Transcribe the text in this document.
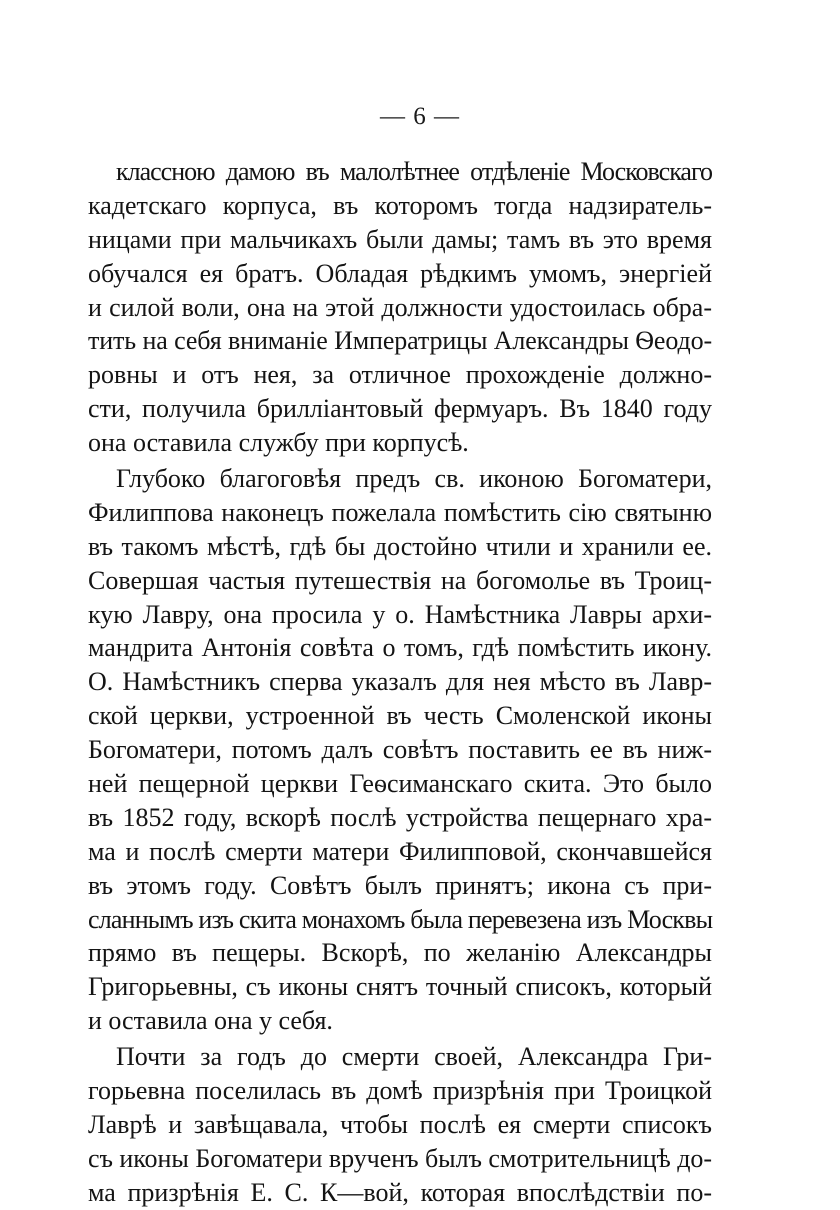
— 6 —
классною дамою въ малолѣтнее отдѣленіе Московскаго
кадетскаго корпуса, въ которомъ тогда надзиратель-
ницами при мальчикахъ были дамы; тамъ въ это время
обучался ея братъ. Обладая рѣдкимъ умомъ, энергіей
и силой воли, она на этой должности удостоилась обра-
тить на себя вниманіе Императрицы Александры Ѳеодо-
ровны и отъ нея, за отличное прохожденіе должно-
сти, получила бриллiантовый фермуаръ. Въ 1840 году
она оставила службу при корпусѣ.
Глубоко благоговѣя предъ св. иконою Богоматери,
Филиппова наконецъ пожелала помѣстить сію святыню
въ такомъ мѣстѣ, гдѣ бы достойно чтили и хранили ее.
Совершая частыя путешествія на богомолье въ Троиц-
кую Лавру, она просила у о. Намѣстника Лавры архи-
мандрита Антонія совѣта о томъ, гдѣ помѣстить икону.
О. Намѣстникъ сперва указалъ для нея мѣсто въ Лавр-
ской церкви, устроенной въ честь Смоленской иконы
Богоматери, потомъ далъ совѣтъ поставить ее въ ниж-
ней пещерной церкви Геѳсиманскаго скита. Это было
въ 1852 году, вскорѣ послѣ устройства пещернаго хра-
ма и послѣ смерти матери Филипповой, скончавшейся
въ этомъ году. Совѣтъ былъ принятъ; икона съ при-
сланнымъ изъ скита монахомъ была перевезена изъ Москвы
прямо въ пещеры. Вскорѣ, по желанію Александры
Григорьевны, съ иконы снятъ точный списокъ, который
и оставила она у себя.
Почти за годъ до смерти своей, Александра Гри-
горьевна поселилась въ домѣ призрѣнія при Троицкой
Лаврѣ и завѣщавала, чтобы послѣ ея смерти списокъ
съ иконы Богоматери врученъ былъ смотрительницѣ до-
ма призрѣнія Е. С. К—вой, которая впослѣдствіи по-
